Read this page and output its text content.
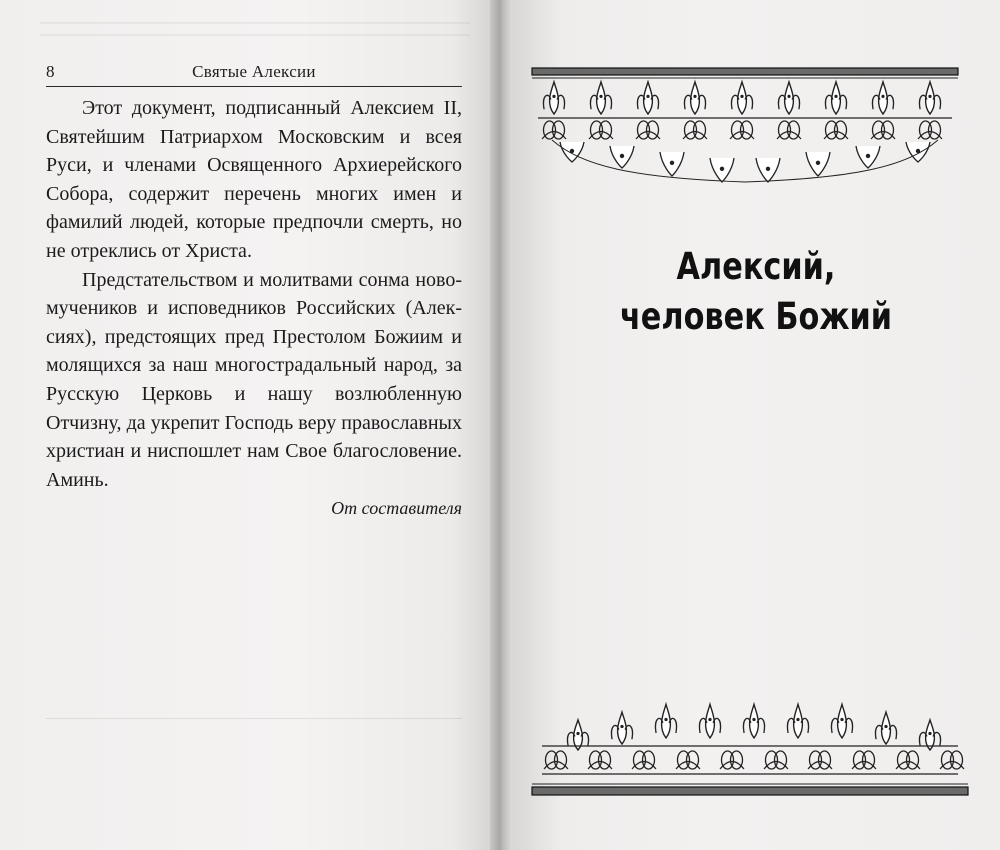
8	Святые Алексии

Этот документ, подписанный Алексием II, Святейшим Патриархом Московским и всея Руси, и членами Освященного Архиерейского Собора, содержит перечень многих имен и фамилий людей, которые предпочли смерть, но не отреклись от Христа.

Предстательством и молитвами сонма новомучеников и исповедников Российских (Алексиях), предстоящих пред Престолом Божиим и молящихся за наш многострадальный народ, за Русскую Церковь и нашу возлюбленную Отчизну, да укрепит Господь веру православных христиан и ниспошлет нам Свое благословение. Аминь.

От составителя

Алексий,
человек Божий
